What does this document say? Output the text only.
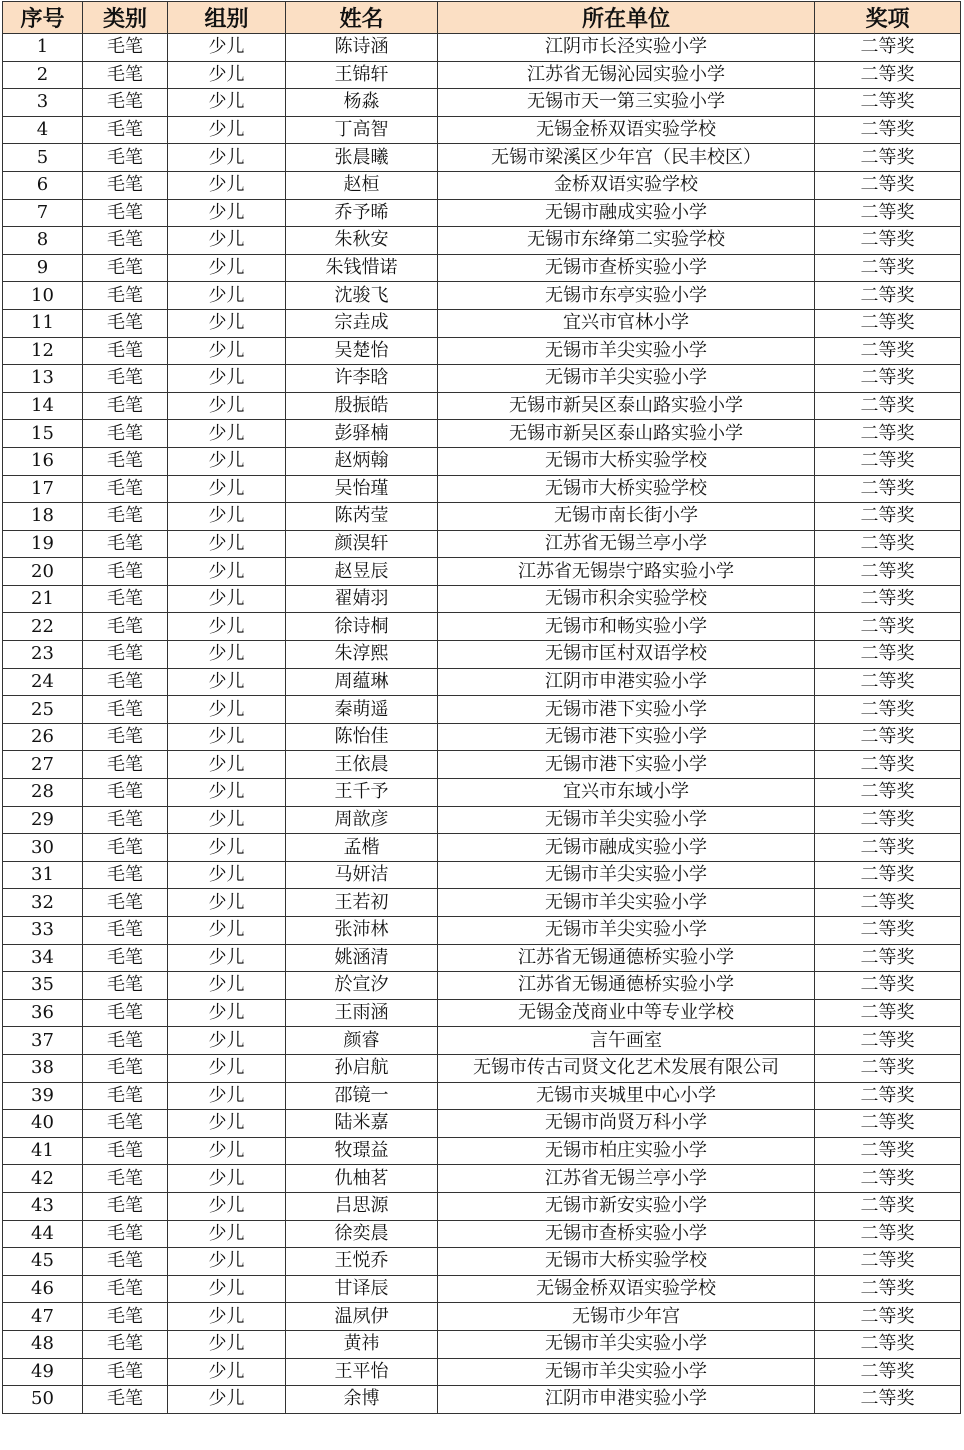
序号	类别	组别	姓名	所在单位	奖项
1	毛笔	少儿	陈诗涵	江阴市长泾实验小学	二等奖
2	毛笔	少儿	王锦轩	江苏省无锡沁园实验小学	二等奖
3	毛笔	少儿	杨淼	无锡市天一第三实验小学	二等奖
4	毛笔	少儿	丁高智	无锡金桥双语实验学校	二等奖
5	毛笔	少儿	张晨曦	无锡市梁溪区少年宫（民丰校区）	二等奖
6	毛笔	少儿	赵桓	金桥双语实验学校	二等奖
7	毛笔	少儿	乔予晞	无锡市融成实验小学	二等奖
8	毛笔	少儿	朱秋安	无锡市东绛第二实验学校	二等奖
9	毛笔	少儿	朱钱惜诺	无锡市查桥实验小学	二等奖
10	毛笔	少儿	沈骏飞	无锡市东亭实验小学	二等奖
11	毛笔	少儿	宗垚成	宜兴市官林小学	二等奖
12	毛笔	少儿	吴楚怡	无锡市羊尖实验小学	二等奖
13	毛笔	少儿	许李晗	无锡市羊尖实验小学	二等奖
14	毛笔	少儿	殷振皓	无锡市新吴区泰山路实验小学	二等奖
15	毛笔	少儿	彭驿楠	无锡市新吴区泰山路实验小学	二等奖
16	毛笔	少儿	赵炳翰	无锡市大桥实验学校	二等奖
17	毛笔	少儿	吴怡瑾	无锡市大桥实验学校	二等奖
18	毛笔	少儿	陈芮莹	无锡市南长街小学	二等奖
19	毛笔	少儿	颜淏轩	江苏省无锡兰亭小学	二等奖
20	毛笔	少儿	赵昱辰	江苏省无锡崇宁路实验小学	二等奖
21	毛笔	少儿	翟婧羽	无锡市积余实验学校	二等奖
22	毛笔	少儿	徐诗桐	无锡市和畅实验小学	二等奖
23	毛笔	少儿	朱淳熙	无锡市匡村双语学校	二等奖
24	毛笔	少儿	周蕴琳	江阴市申港实验小学	二等奖
25	毛笔	少儿	秦萌遥	无锡市港下实验小学	二等奖
26	毛笔	少儿	陈怡佳	无锡市港下实验小学	二等奖
27	毛笔	少儿	王依晨	无锡市港下实验小学	二等奖
28	毛笔	少儿	王千予	宜兴市东域小学	二等奖
29	毛笔	少儿	周歆彦	无锡市羊尖实验小学	二等奖
30	毛笔	少儿	孟楷	无锡市融成实验小学	二等奖
31	毛笔	少儿	马妍洁	无锡市羊尖实验小学	二等奖
32	毛笔	少儿	王若初	无锡市羊尖实验小学	二等奖
33	毛笔	少儿	张沛林	无锡市羊尖实验小学	二等奖
34	毛笔	少儿	姚涵清	江苏省无锡通德桥实验小学	二等奖
35	毛笔	少儿	於宣汐	江苏省无锡通德桥实验小学	二等奖
36	毛笔	少儿	王雨涵	无锡金茂商业中等专业学校	二等奖
37	毛笔	少儿	颜睿	言午画室	二等奖
38	毛笔	少儿	孙启航	无锡市传古司贤文化艺术发展有限公司	二等奖
39	毛笔	少儿	邵镜一	无锡市夹城里中心小学	二等奖
40	毛笔	少儿	陆米嘉	无锡市尚贤万科小学	二等奖
41	毛笔	少儿	牧璟益	无锡市柏庄实验小学	二等奖
42	毛笔	少儿	仇柚茗	江苏省无锡兰亭小学	二等奖
43	毛笔	少儿	吕思源	无锡市新安实验小学	二等奖
44	毛笔	少儿	徐奕晨	无锡市查桥实验小学	二等奖
45	毛笔	少儿	王悦乔	无锡市大桥实验学校	二等奖
46	毛笔	少儿	甘译辰	无锡金桥双语实验学校	二等奖
47	毛笔	少儿	温夙伊	无锡市少年宫	二等奖
48	毛笔	少儿	黄祎	无锡市羊尖实验小学	二等奖
49	毛笔	少儿	王平怡	无锡市羊尖实验小学	二等奖
50	毛笔	少儿	余博	江阴市申港实验小学	二等奖
